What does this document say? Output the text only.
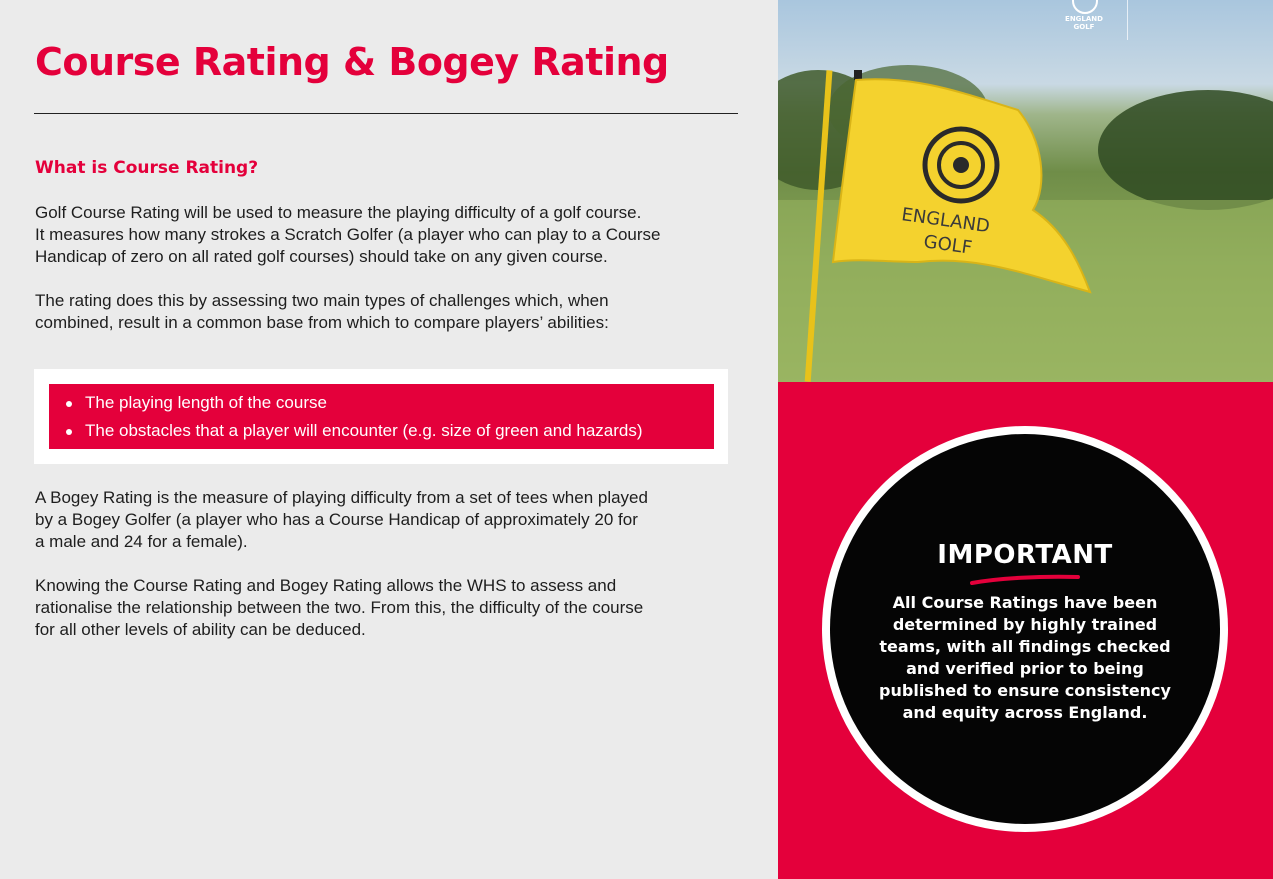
Course Rating & Bogey Rating
What is Course Rating?

Golf Course Rating will be used to measure the playing difficulty of a golf course.
It measures how many strokes a Scratch Golfer (a player who can play to a Course
Handicap of zero on all rated golf courses) should take on any given course.

The rating does this by assessing two main types of challenges which, when
combined, result in a common base from which to compare players’ abilities:

The playing length of the course
The obstacles that a player will encounter (e.g. size of green and hazards)

A Bogey Rating is the measure of playing difficulty from a set of tees when played
by a Bogey Golfer (a player who has a Course Handicap of approximately 20 for
a male and 24 for a female).

Knowing the Course Rating and Bogey Rating allows the WHS to assess and
rationalise the relationship between the two. From this, the difficulty of the course
for all other levels of ability can be deduced.

ENGLAND
GOLF
ENGLAND
GOLF
IMPORTANT
All Course Ratings have been
determined by highly trained
teams, with all findings checked
and verified prior to being
published to ensure consistency
and equity across England.
